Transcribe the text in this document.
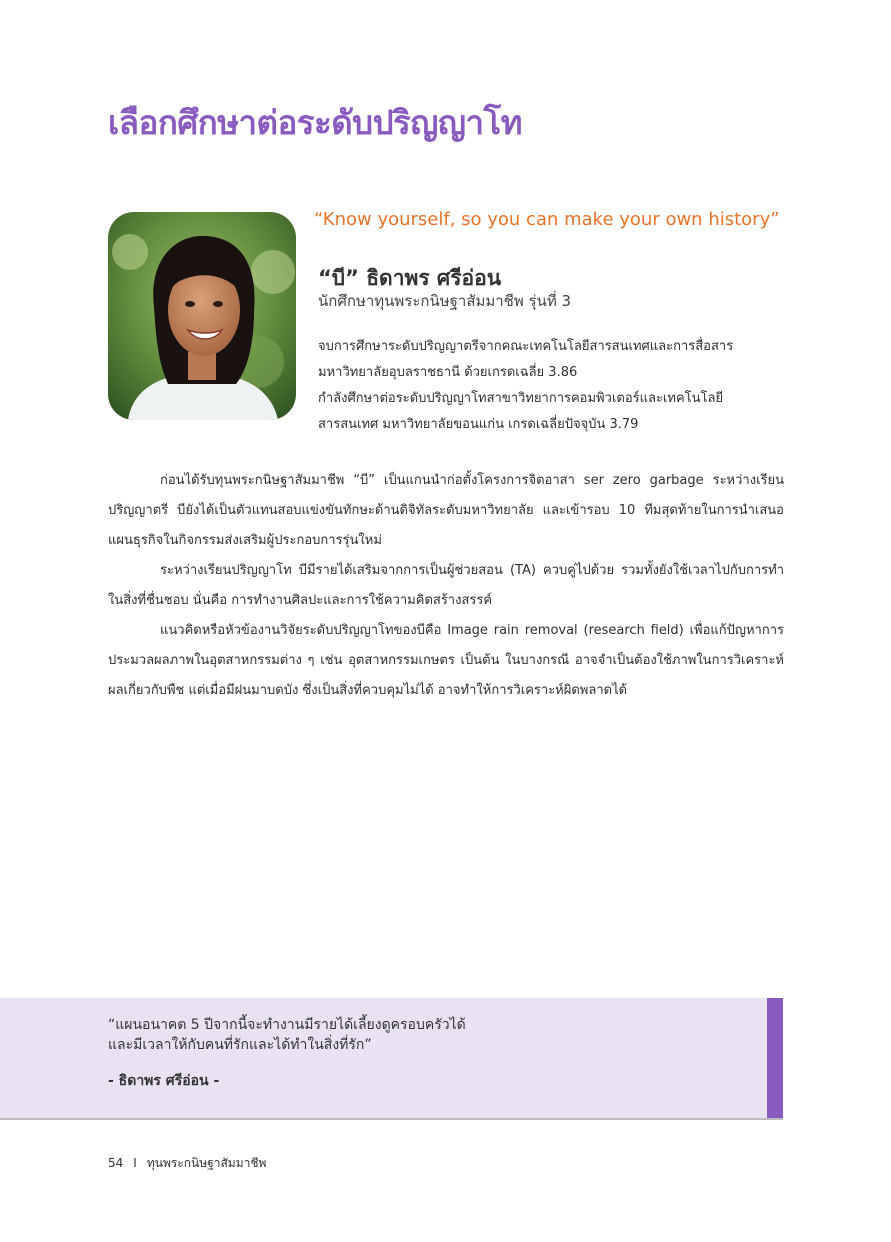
เลือกศึกษาต่อระดับปริญญาโท
“Know yourself, so you can make your own history”
“บี” ธิดาพร ศรีอ่อน
นักศึกษาทุนพระกนิษฐาสัมมาชีพ รุ่นที่ 3
จบการศึกษาระดับปริญญาตรีจากคณะเทคโนโลยีสารสนเทศและการสื่อสาร
มหาวิทยาลัยอุบลราชธานี ด้วยเกรดเฉลี่ย 3.86
กำลังศึกษาต่อระดับปริญญาโทสาขาวิทยาการคอมพิวเตอร์และเทคโนโลยี
สารสนเทศ มหาวิทยาลัยขอนแก่น เกรดเฉลี่ยปัจจุบัน 3.79

ก่อนได้รับทุนพระกนิษฐาสัมมาชีพ “บี” เป็นแกนนำก่อตั้งโครงการจิตอาสา ser zero garbage ระหว่างเรียนปริญญาตรี บียังได้เป็นตัวแทนสอบแข่งขันทักษะด้านดิจิทัลระดับมหาวิทยาลัย และเข้ารอบ 10 ทีมสุดท้ายในการนำเสนอแผนธุรกิจในกิจกรรมส่งเสริมผู้ประกอบการรุ่นใหม่

ระหว่างเรียนปริญญาโท บีมีรายได้เสริมจากการเป็นผู้ช่วยสอน (TA) ควบคู่ไปด้วย รวมทั้งยังใช้เวลาไปกับการทำในสิ่งที่ชื่นชอบ นั่นคือ การทำงานศิลปะและการใช้ความคิดสร้างสรรค์

แนวคิดหรือหัวข้องานวิจัยระดับปริญญาโทของบีคือ Image rain removal (research field) เพื่อแก้ปัญหาการประมวลผลภาพในอุตสาหกรรมต่าง ๆ เช่น อุตสาหกรรมเกษตร เป็นต้น ในบางกรณี อาจจำเป็นต้องใช้ภาพในการวิเคราะห์ผลเกี่ยวกับพืช แต่เมื่อมีฝนมาบดบัง ซึ่งเป็นสิ่งที่ควบคุมไม่ได้ อาจทำให้การวิเคราะห์ผิดพลาดได้

“แผนอนาคต 5 ปีจากนี้จะทำงานมีรายได้เลี้ยงดูครอบครัวได้
และมีเวลาให้กับคนที่รักและได้ทำในสิ่งที่รัก”
- ธิดาพร ศรีอ่อน -
54 I ทุนพระกนิษฐาสัมมาชีพ
